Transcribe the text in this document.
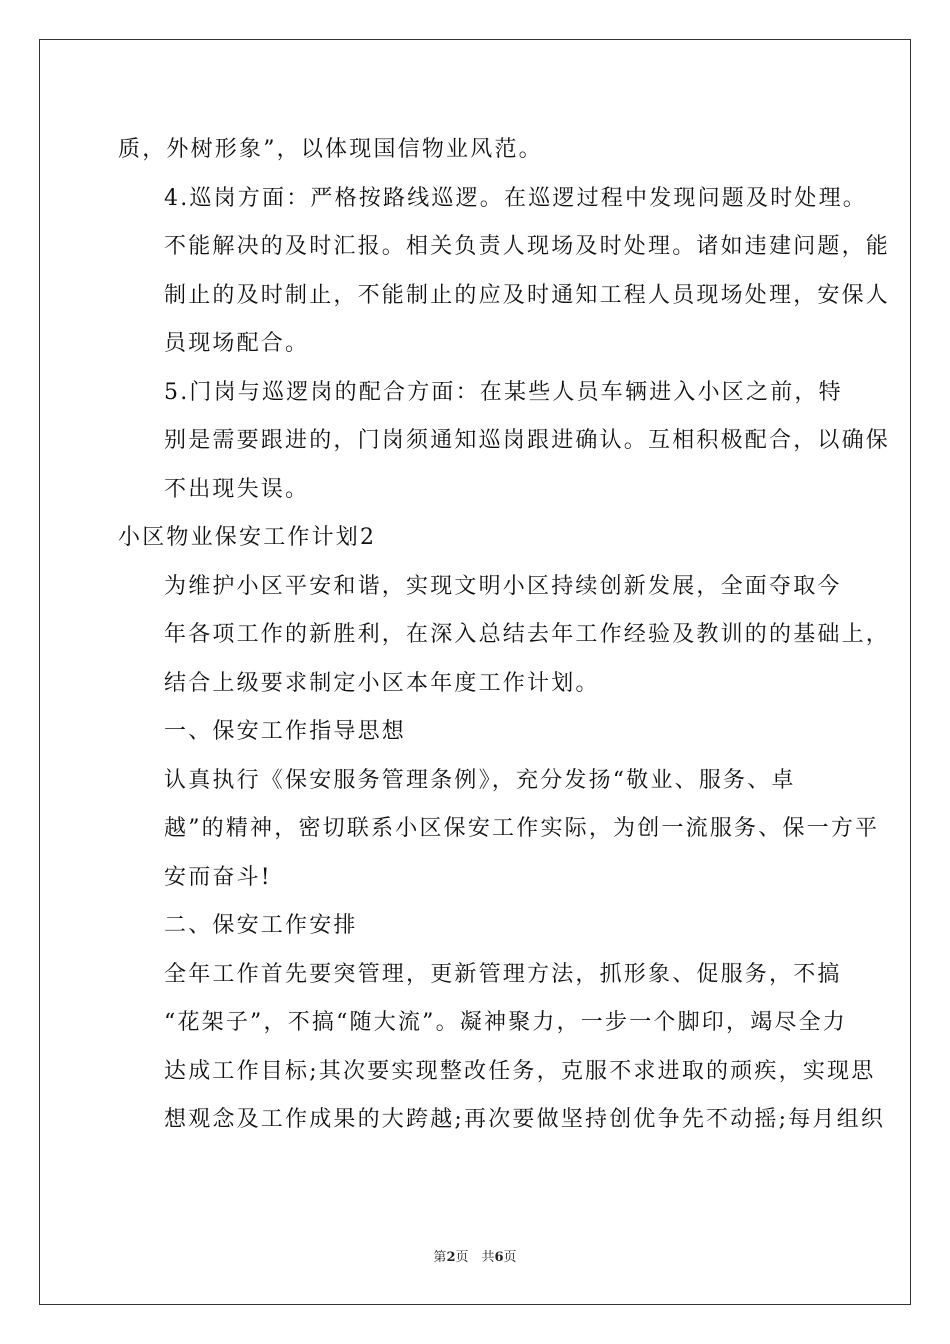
质，外树形象”，以体现国信物业风范。

4.巡岗方面：严格按路线巡逻。在巡逻过程中发现问题及时处理。
不能解决的及时汇报。相关负责人现场及时处理。诸如违建问题，能
制止的及时制止，不能制止的应及时通知工程人员现场处理，安保人
员现场配合。

5.门岗与巡逻岗的配合方面：在某些人员车辆进入小区之前，特
别是需要跟进的，门岗须通知巡岗跟进确认。互相积极配合，以确保
不出现失误。

小区物业保安工作计划2

为维护小区平安和谐，实现文明小区持续创新发展，全面夺取今
年各项工作的新胜利，在深入总结去年工作经验及教训的的基础上，
结合上级要求制定小区本年度工作计划。

一、保安工作指导思想

认真执行《保安服务管理条例》，充分发扬“敬业、服务、卓
越”的精神，密切联系小区保安工作实际，为创一流服务、保一方平
安而奋斗!

二、保安工作安排

全年工作首先要突管理，更新管理方法，抓形象、促服务，不搞
“花架子”，不搞“随大流”。凝神聚力，一步一个脚印，竭尽全力
达成工作目标;其次要实现整改任务，克服不求进取的顽疾，实现思
想观念及工作成果的大跨越;再次要做坚持创优争先不动摇;每月组织

第2页　共6页
